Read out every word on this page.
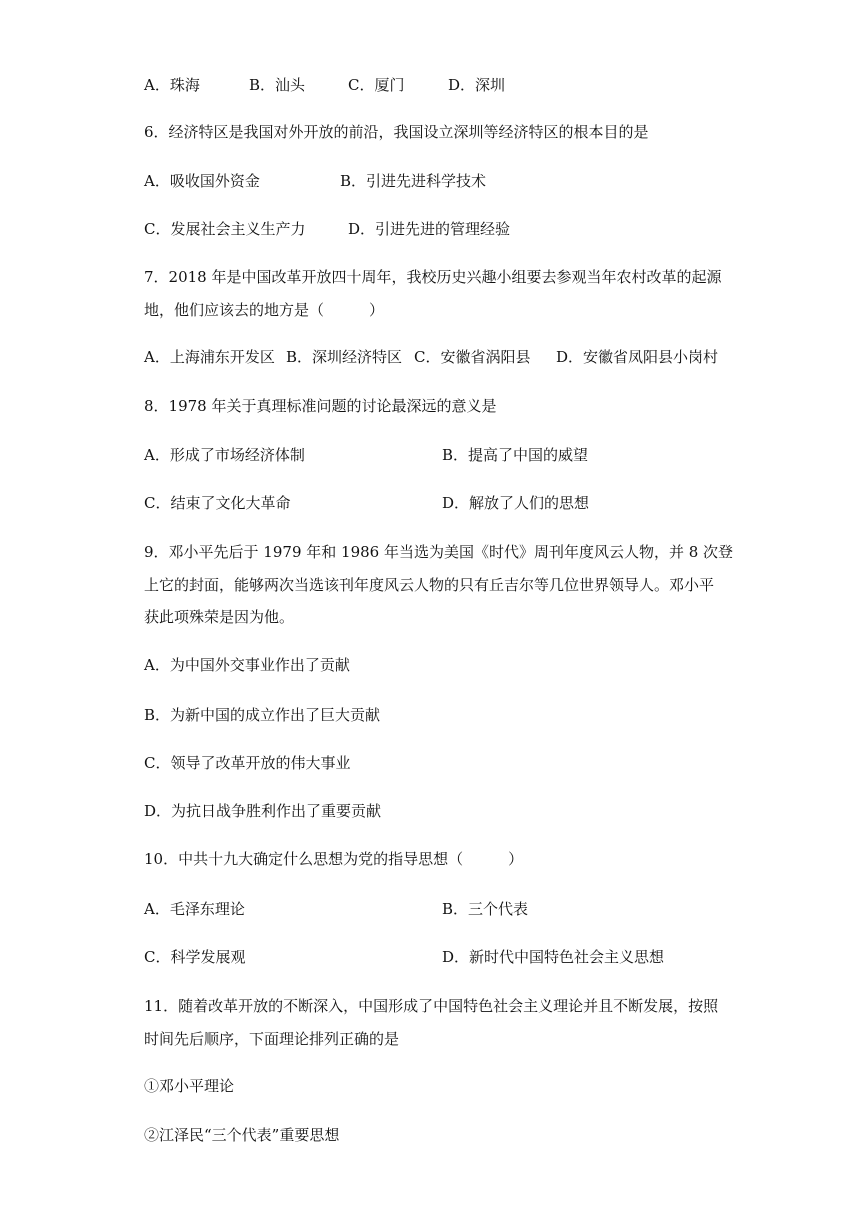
A．珠海	B．汕头	C．厦门	D．深圳
6．经济特区是我国对外开放的前沿，我国设立深圳等经济特区的根本目的是
A．吸收国外资金	B．引进先进科学技术
C．发展社会主义生产力	D．引进先进的管理经验
7．2018 年是中国改革开放四十周年，我校历史兴趣小组要去参观当年农村改革的起源
地，他们应该去的地方是（　　　）
A．上海浦东开发区 B．深圳经济特区 C．安徽省涡阳县 D．安徽省凤阳县小岗村
8．1978 年关于真理标准问题的讨论最深远的意义是
A．形成了市场经济体制	B．提高了中国的威望
C．结束了文化大革命	D．解放了人们的思想
9．邓小平先后于 1979 年和 1986 年当选为美国《时代》周刊年度风云人物，并 8 次登
上它的封面，能够两次当选该刊年度风云人物的只有丘吉尔等几位世界领导人。邓小平
获此项殊荣是因为他。
A．为中国外交事业作出了贡献
B．为新中国的成立作出了巨大贡献
C．领导了改革开放的伟大事业
D．为抗日战争胜利作出了重要贡献
10．中共十九大确定什么思想为党的指导思想（　　　）
A．毛泽东理论	B．三个代表
C．科学发展观	D．新时代中国特色社会主义思想
11．随着改革开放的不断深入，中国形成了中国特色社会主义理论并且不断发展，按照
时间先后顺序，下面理论排列正确的是
①邓小平理论
②江泽民“三个代表”重要思想
